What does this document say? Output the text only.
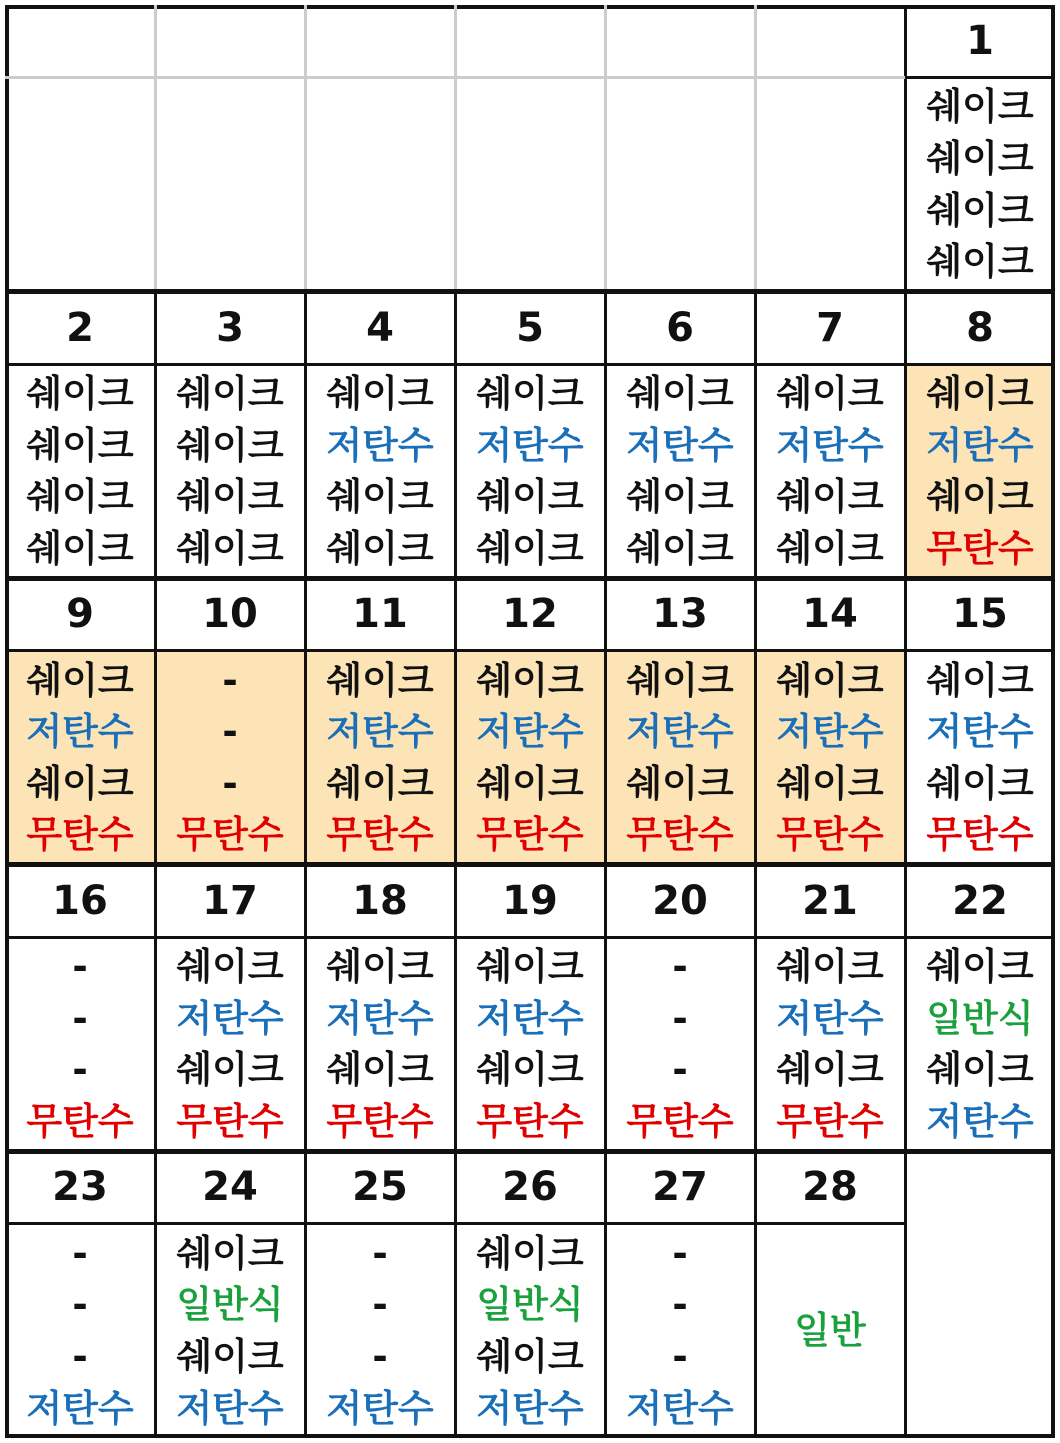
1
쉐이크
쉐이크
쉐이크
쉐이크
2
쉐이크
쉐이크
쉐이크
쉐이크
3
쉐이크
쉐이크
쉐이크
쉐이크
4
쉐이크
저탄수
쉐이크
쉐이크
5
쉐이크
저탄수
쉐이크
쉐이크
6
쉐이크
저탄수
쉐이크
쉐이크
7
쉐이크
저탄수
쉐이크
쉐이크
8
쉐이크
저탄수
쉐이크
무탄수
9
쉐이크
저탄수
쉐이크
무탄수
10
-
-
-
무탄수
11
쉐이크
저탄수
쉐이크
무탄수
12
쉐이크
저탄수
쉐이크
무탄수
13
쉐이크
저탄수
쉐이크
무탄수
14
쉐이크
저탄수
쉐이크
무탄수
15
쉐이크
저탄수
쉐이크
무탄수
16
-
-
-
무탄수
17
쉐이크
저탄수
쉐이크
무탄수
18
쉐이크
저탄수
쉐이크
무탄수
19
쉐이크
저탄수
쉐이크
무탄수
20
-
-
-
무탄수
21
쉐이크
저탄수
쉐이크
무탄수
22
쉐이크
일반식
쉐이크
저탄수
23
-
-
-
저탄수
24
쉐이크
일반식
쉐이크
저탄수
25
-
-
-
저탄수
26
쉐이크
일반식
쉐이크
저탄수
27
-
-
-
저탄수
28
일반
